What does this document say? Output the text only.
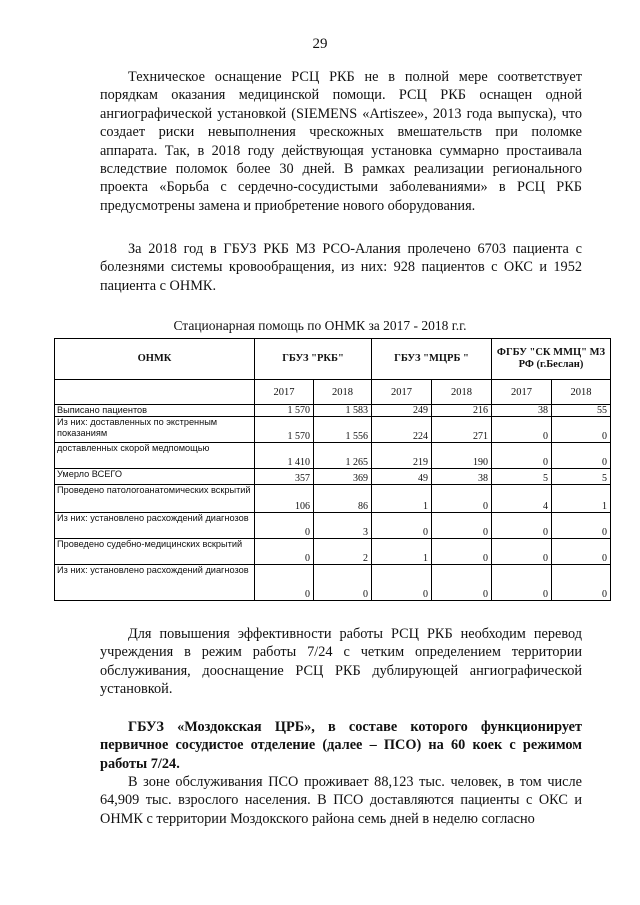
29

Техническое оснащение РСЦ РКБ не в полной мере соответствует порядкам оказания медицинской помощи. РСЦ РКБ оснащен одной ангиографической установкой (SIEMENS «Artiszee», 2013 года выпуска), что создает риски невыполнения чрескожных вмешательств при поломке аппарата. Так, в 2018 году действующая установка суммарно простаивала вследствие поломок более 30 дней. В рамках реализации регионального проекта «Борьба с сердечно-сосудистыми заболеваниями» в РСЦ РКБ предусмотрены замена и приобретение нового оборудования.

За 2018 год в ГБУЗ РКБ МЗ РСО-Алания пролечено 6703 пациента с болезнями системы кровообращения, из них: 928 пациентов с ОКС и 1952 пациента с ОНМК.

Стационарная помощь по ОНМК за 2017 - 2018 г.г.
ОНМК	ГБУЗ "РКБ"		ГБУЗ "МЦРБ "		ФГБУ "СК ММЦ" МЗ РФ (г.Беслан)	
	2017	2018	2017	2018	2017	2018
Выписано пациентов	1 570	1 583	249	216	38	55
Из них: доставленных по экстренным показаниям	1 570	1 556	224	271	0	0
доставленных скорой медпомощью	1 410	1 265	219	190	0	0
Умерло ВСЕГО	357	369	49	38	5	5
Проведено патологоанатомических вскрытий	106	86	1	0	4	1
Из них: установлено расхождений диагнозов	0	3	0	0	0	0
Проведено судебно-медицинских вскрытий	0	2	1	0	0	0
Из них: установлено расхождений диагнозов	0	0	0	0	0	0

Для повышения эффективности работы РСЦ РКБ необходим перевод учреждения в режим работы 7/24 с четким определением территории обслуживания, дооснащение РСЦ РКБ дублирующей ангиографической установкой.

ГБУЗ «Моздокская ЦРБ», в составе которого функционирует первичное сосудистое отделение (далее – ПСО) на 60 коек с режимом работы 7/24.

В зоне обслуживания ПСО проживает 88,123 тыс. человек, в том числе 64,909 тыс. взрослого населения. В ПСО доставляются пациенты с ОКС и ОНМК с территории Моздокского района семь дней в неделю согласно
